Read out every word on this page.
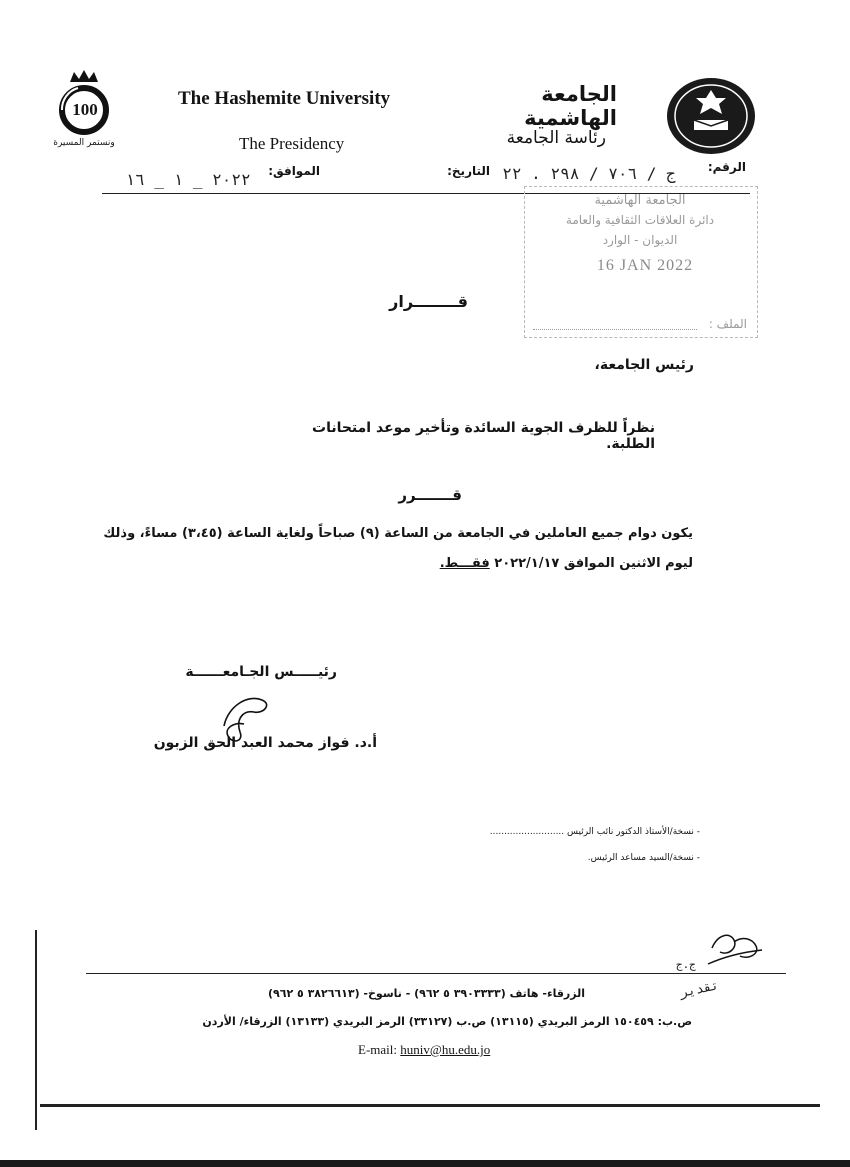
100
ونستمر المسيرة
The Hashemite University
The Presidency
الجامعة الهاشمية
رئاسة الجامعة
الرقم:
ج / ٧٠٦ / ٢٩٨ . ٢٢
التاريخ:
الموافق:
٢٠٢٢ _ ١ _ ١٦
الجامعة الهاشمية
دائرة العلاقات الثقافية والعامة
الديوان - الوارد
16 JAN 2022
الملف :
قــــــــرار
رئيس الجامعة،
نظراً للظرف الجوية السائدة وتأخير موعد امتحانات الطلبة.
قـــــــرر
يكون دوام جميع العاملين في الجامعة من الساعة (٩) صباحاً ولغاية الساعة (٣،٤٥) مساءً، وذلك
ليوم الاثنين الموافق ٢٠٢٢/١/١٧ فقـــط.
رئيـــــس الجـامعــــــة
أ.د. فواز محمد العبد الحق الزبون
- نسخة/الأستاذ الدكتور نائب الرئيس ..........................
- نسخة/السيد مساعد الرئيس.
ج.ج
تقدير
الزرقاء- هاتف (٣٩٠٣٣٣٣ ٥ ٩٦٢) - ناسوخ- (٣٨٢٦٦١٣ ٥ ٩٦٢)
ص.ب: ١٥٠٤٥٩ الرمز البريدي (١٣١١٥) ص.ب (٣٣١٢٧) الرمز البريدي (١٣١٣٣) الزرقاء/ الأردن
E-mail: huniv@hu.edu.jo
